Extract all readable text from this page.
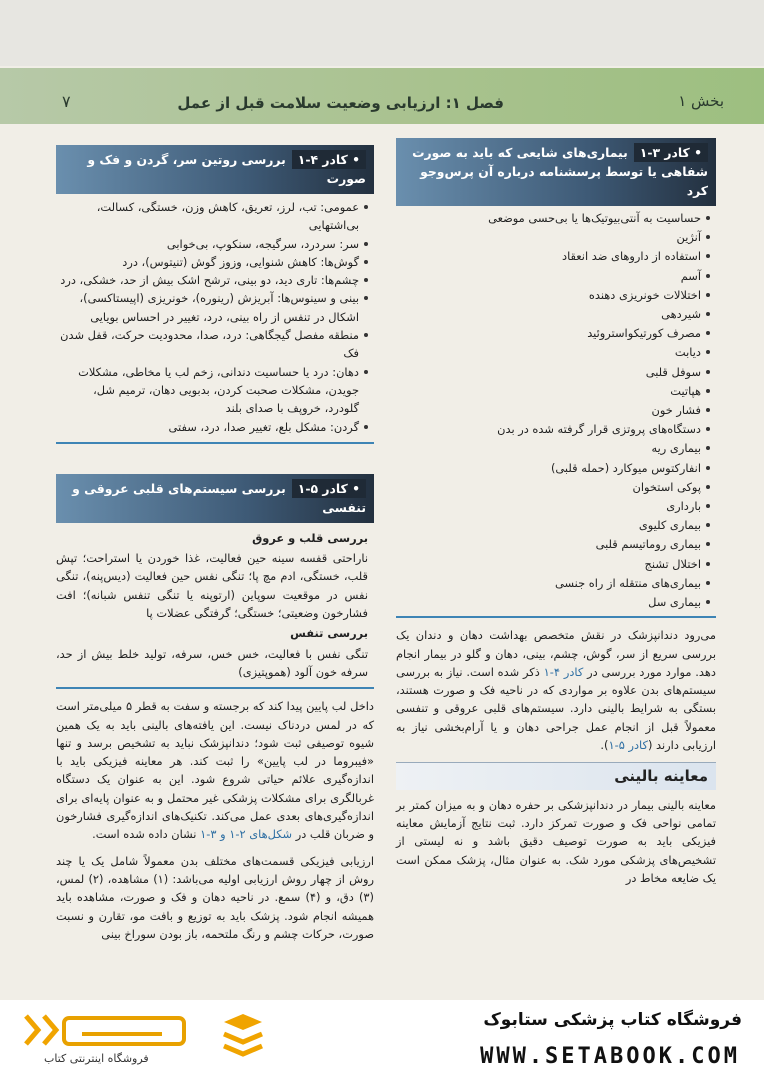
فصل ۱: ارزیابی وضعیت سلامت قبل از عمل	بخش ۱
۷
• کادر ۳-۱بیماری‌های شایعی که باید به صورت شفاهی یا توسط پرسشنامه درباره آن پرس‌وجو کرد
حساسیت به آنتی‌بیوتیک‌ها یا بی‌حسی موضعی
آنژین
استفاده از داروهای ضد انعقاد
آسم
اختلالات خونریزی دهنده
شیردهی
مصرف کورتیکواستروئید
دیابت
سوفل قلبی
هپاتیت
فشار خون
دستگاه‌های پروتزی قرار گرفته شده در بدن
بیماری ریه
انفارکتوس میوکارد (حمله قلبی)
پوکی استخوان
بارداری
بیماری کلیوی
بیماری روماتیسم قلبی
اختلال تشنج
بیماری‌های منتقله از راه جنسی
بیماری سل
می‌رود دندانپزشک در نقش متخصص بهداشت دهان و دندان یک بررسی سریع از سر، گوش، چشم، بینی، دهان و گلو در بیمار انجام دهد. موارد مورد بررسی در کادر ۴-۱ ذکر شده است. نیاز به بررسی سیستم‌های بدن علاوه بر مواردی که در ناحیه فک و صورت هستند، بستگی به شرایط بالینی دارد. سیستم‌های قلبی عروقی و تنفسی معمولاً قبل از انجام عمل جراحی دهان و یا آرام‌بخشی نیاز به ارزیابی دارند (کادر ۵-۱).
معاینه بالینی
معاینه بالینی بیمار در دندانپزشکی بر حفره دهان و به میزان کمتر بر تمامی نواحی فک و صورت تمرکز دارد. ثبت نتایج آزمایش معاینه فیزیکی باید به صورت توصیف دقیق باشد و نه لیستی از تشخیص‌های پزشکی مورد شک. به عنوان مثال، پزشک ممکن است یک ضایعه مخاط در
• کادر ۴-۱بررسی روتین سر، گردن و فک و صورت
عمومی: تب، لرز، تعریق، کاهش وزن، خستگی، کسالت، بی‌اشتهایی
سر: سردرد، سرگیجه، سنکوپ، بی‌خوابی
گوش‌ها: کاهش شنوایی، وزوز گوش (تنیتوس)، درد
چشم‌ها: تاری دید، دو بینی، ترشح اشک بیش از حد، خشکی، درد
بینی و سینوس‌ها: آبریزش (رینوره)، خونریزی (اپیستاکسی)، اشکال در تنفس از راه بینی، درد، تغییر در احساس بویایی
منطقه مفصل گیجگاهی: درد، صدا، محدودیت حرکت، قفل شدن فک
دهان: درد یا حساسیت دندانی، زخم لب یا مخاطی، مشکلات جویدن، مشکلات صحبت کردن، بدبویی دهان، ترمیم شل، گلودرد، خروپف با صدای بلند
گردن: مشکل بلع، تغییر صدا، درد، سفتی
• کادر ۵-۱بررسی سیستم‌های قلبی عروقی و تنفسی
بررسی قلب و عروق
ناراحتی قفسه سینه حین فعالیت، غذا خوردن یا استراحت؛ تپش قلب، خستگی، ادم مچ پا؛ تنگی نفس حین فعالیت (دیس‌پنه)، تنگی نفس در موقعیت سوپاین (ارتوپنه یا تنگی تنفس شبانه)؛ افت فشارخون وضعیتی؛ خستگی؛ گرفتگی عضلات پا
بررسی تنفس
تنگی نفس با فعالیت، خس خس، سرفه، تولید خلط بیش از حد، سرفه خون آلود (هموپتیزی)
داخل لب پایین پیدا کند که برجسته و سفت به قطر ۵ میلی‌متر است که در لمس دردناک نیست. این یافته‌های بالینی باید به یک همین شیوه توصیفی ثبت شود؛ دندانپزشک نباید به تشخیص برسد و تنها «فیبروما در لب پایین» را ثبت کند. هر معاینه فیزیکی باید با اندازه‌گیری علائم حیاتی شروع شود. این به عنوان یک دستگاه غربالگری برای مشکلات پزشکی غیر محتمل و به عنوان پایه‌ای برای اندازه‌گیری‌های بعدی عمل می‌کند. تکنیک‌های اندازه‌گیری فشارخون و ضربان قلب در شکل‌های ۲-۱ و ۳-۱ نشان داده شده است.
ارزیابی فیزیکی قسمت‌های مختلف بدن معمولاً شامل یک یا چند روش از چهار روش ارزیابی اولیه می‌باشد: (۱) مشاهده، (۲) لمس، (۳) دق، و (۴) سمع. در ناحیه دهان و فک و صورت، مشاهده باید همیشه انجام شود. پزشک باید به توزیع و بافت مو، تقارن و نسبت صورت، حرکات چشم و رنگ ملتحمه، باز بودن سوراخ بینی
فروشگاه اینترنتی کتاب
فروشگاه کتاب پزشکی ستابوک
WWW.SETABOOK.COM
